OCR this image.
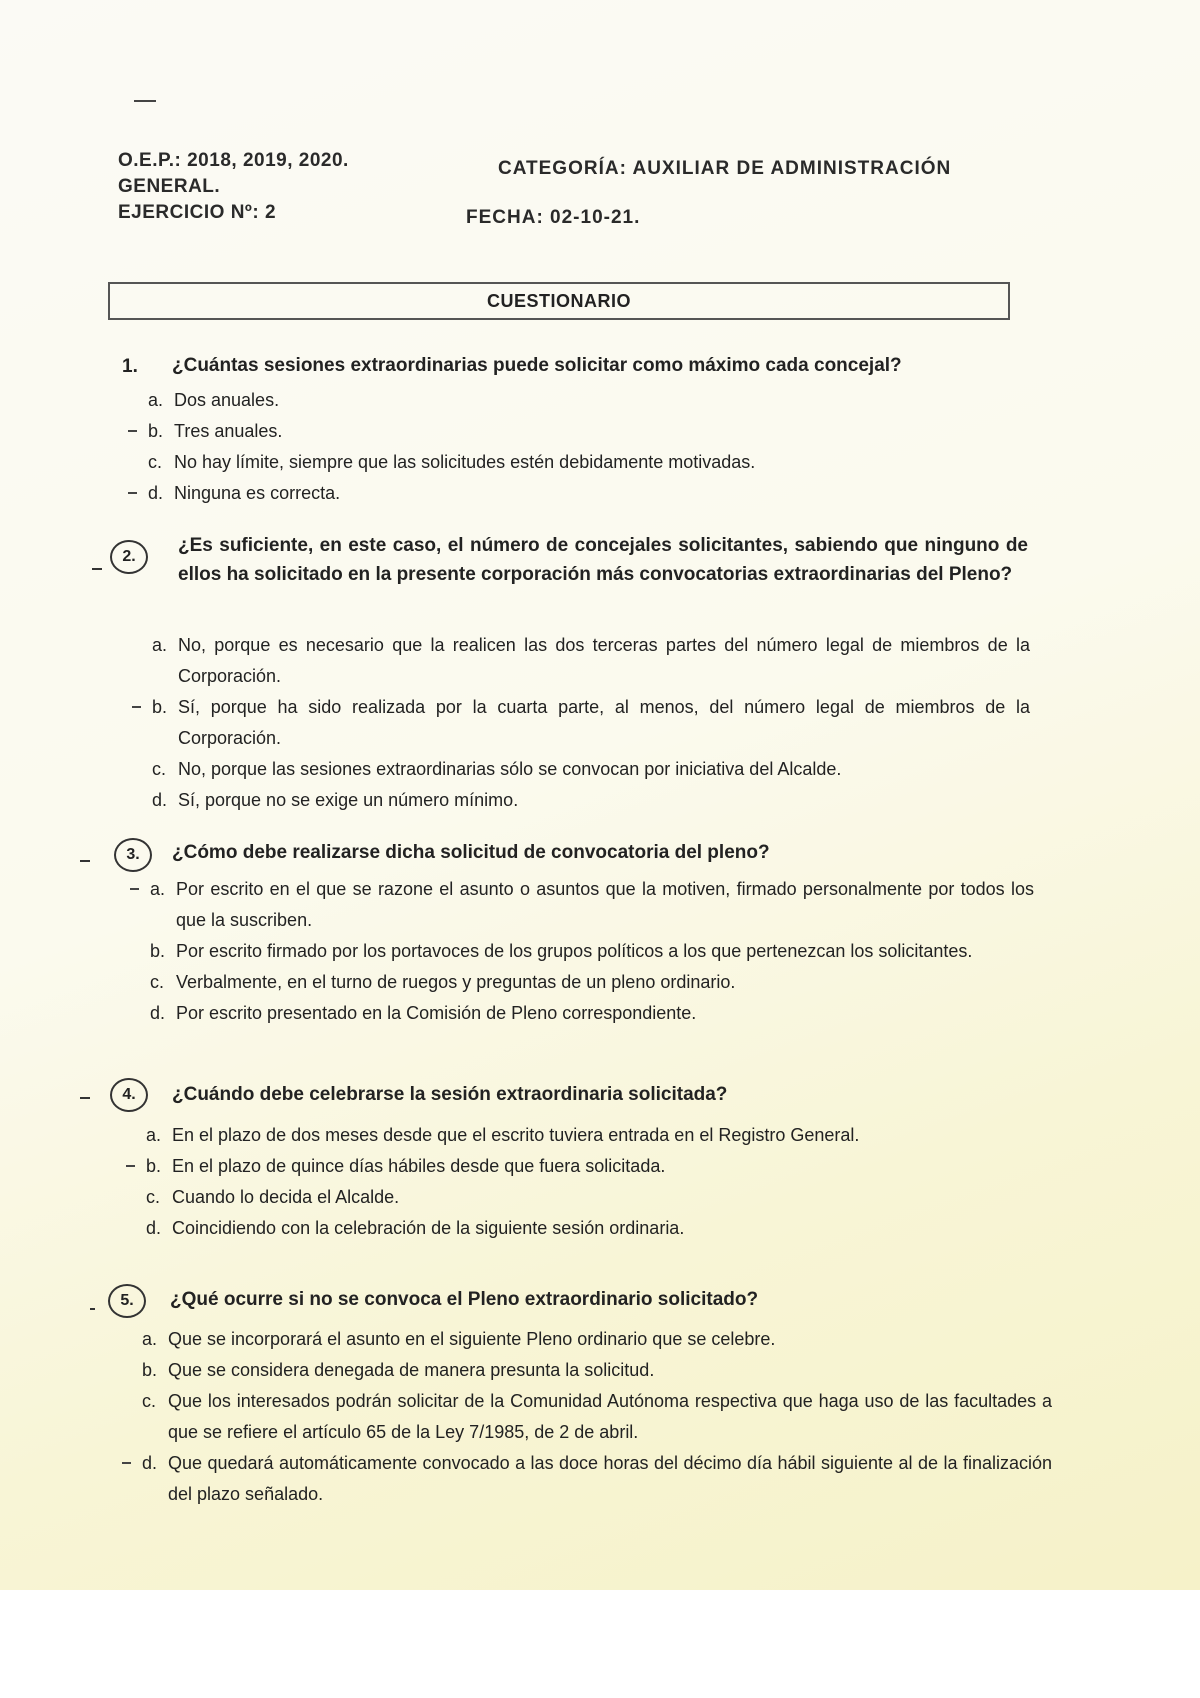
O.E.P.: 2018, 2019, 2020.
GENERAL.
EJERCICIO Nº: 2
CATEGORÍA: AUXILIAR DE ADMINISTRACIÓN
FECHA: 02-10-21.
CUESTIONARIO
1. ¿Cuántas sesiones extraordinarias puede solicitar como máximo cada concejal?
a. Dos anuales.
b. Tres anuales.
c. No hay límite, siempre que las solicitudes estén debidamente motivadas.
d. Ninguna es correcta.
2.
¿Es suficiente, en este caso, el número de concejales solicitantes, sabiendo que ninguno de ellos ha solicitado en la presente corporación más convocatorias extraordinarias del Pleno?
a. No, porque es necesario que la realicen las dos terceras partes del número legal de miembros de la Corporación.
b. Sí, porque ha sido realizada por la cuarta parte, al menos, del número legal de miembros de la Corporación.
c. No, porque las sesiones extraordinarias sólo se convocan por iniciativa del Alcalde.
d. Sí, porque no se exige un número mínimo.
3.	¿Cómo debe realizarse dicha solicitud de convocatoria del pleno?
a. Por escrito en el que se razone el asunto o asuntos que la motiven, firmado personalmente por todos los que la suscriben.
b. Por escrito firmado por los portavoces de los grupos políticos a los que pertenezcan los solicitantes.
c. Verbalmente, en el turno de ruegos y preguntas de un pleno ordinario.
d. Por escrito presentado en la Comisión de Pleno correspondiente.
4.	¿Cuándo debe celebrarse la sesión extraordinaria solicitada?
a. En el plazo de dos meses desde que el escrito tuviera entrada en el Registro General.
b. En el plazo de quince días hábiles desde que fuera solicitada.
c. Cuando lo decida el Alcalde.
d. Coincidiendo con la celebración de la siguiente sesión ordinaria.
5.	¿Qué ocurre si no se convoca el Pleno extraordinario solicitado?
a. Que se incorporará el asunto en el siguiente Pleno ordinario que se celebre.
b. Que se considera denegada de manera presunta la solicitud.
c. Que los interesados podrán solicitar de la Comunidad Autónoma respectiva que haga uso de las facultades a que se refiere el artículo 65 de la Ley 7/1985, de 2 de abril.
d. Que quedará automáticamente convocado a las doce horas del décimo día hábil siguiente al de la finalización del plazo señalado.
